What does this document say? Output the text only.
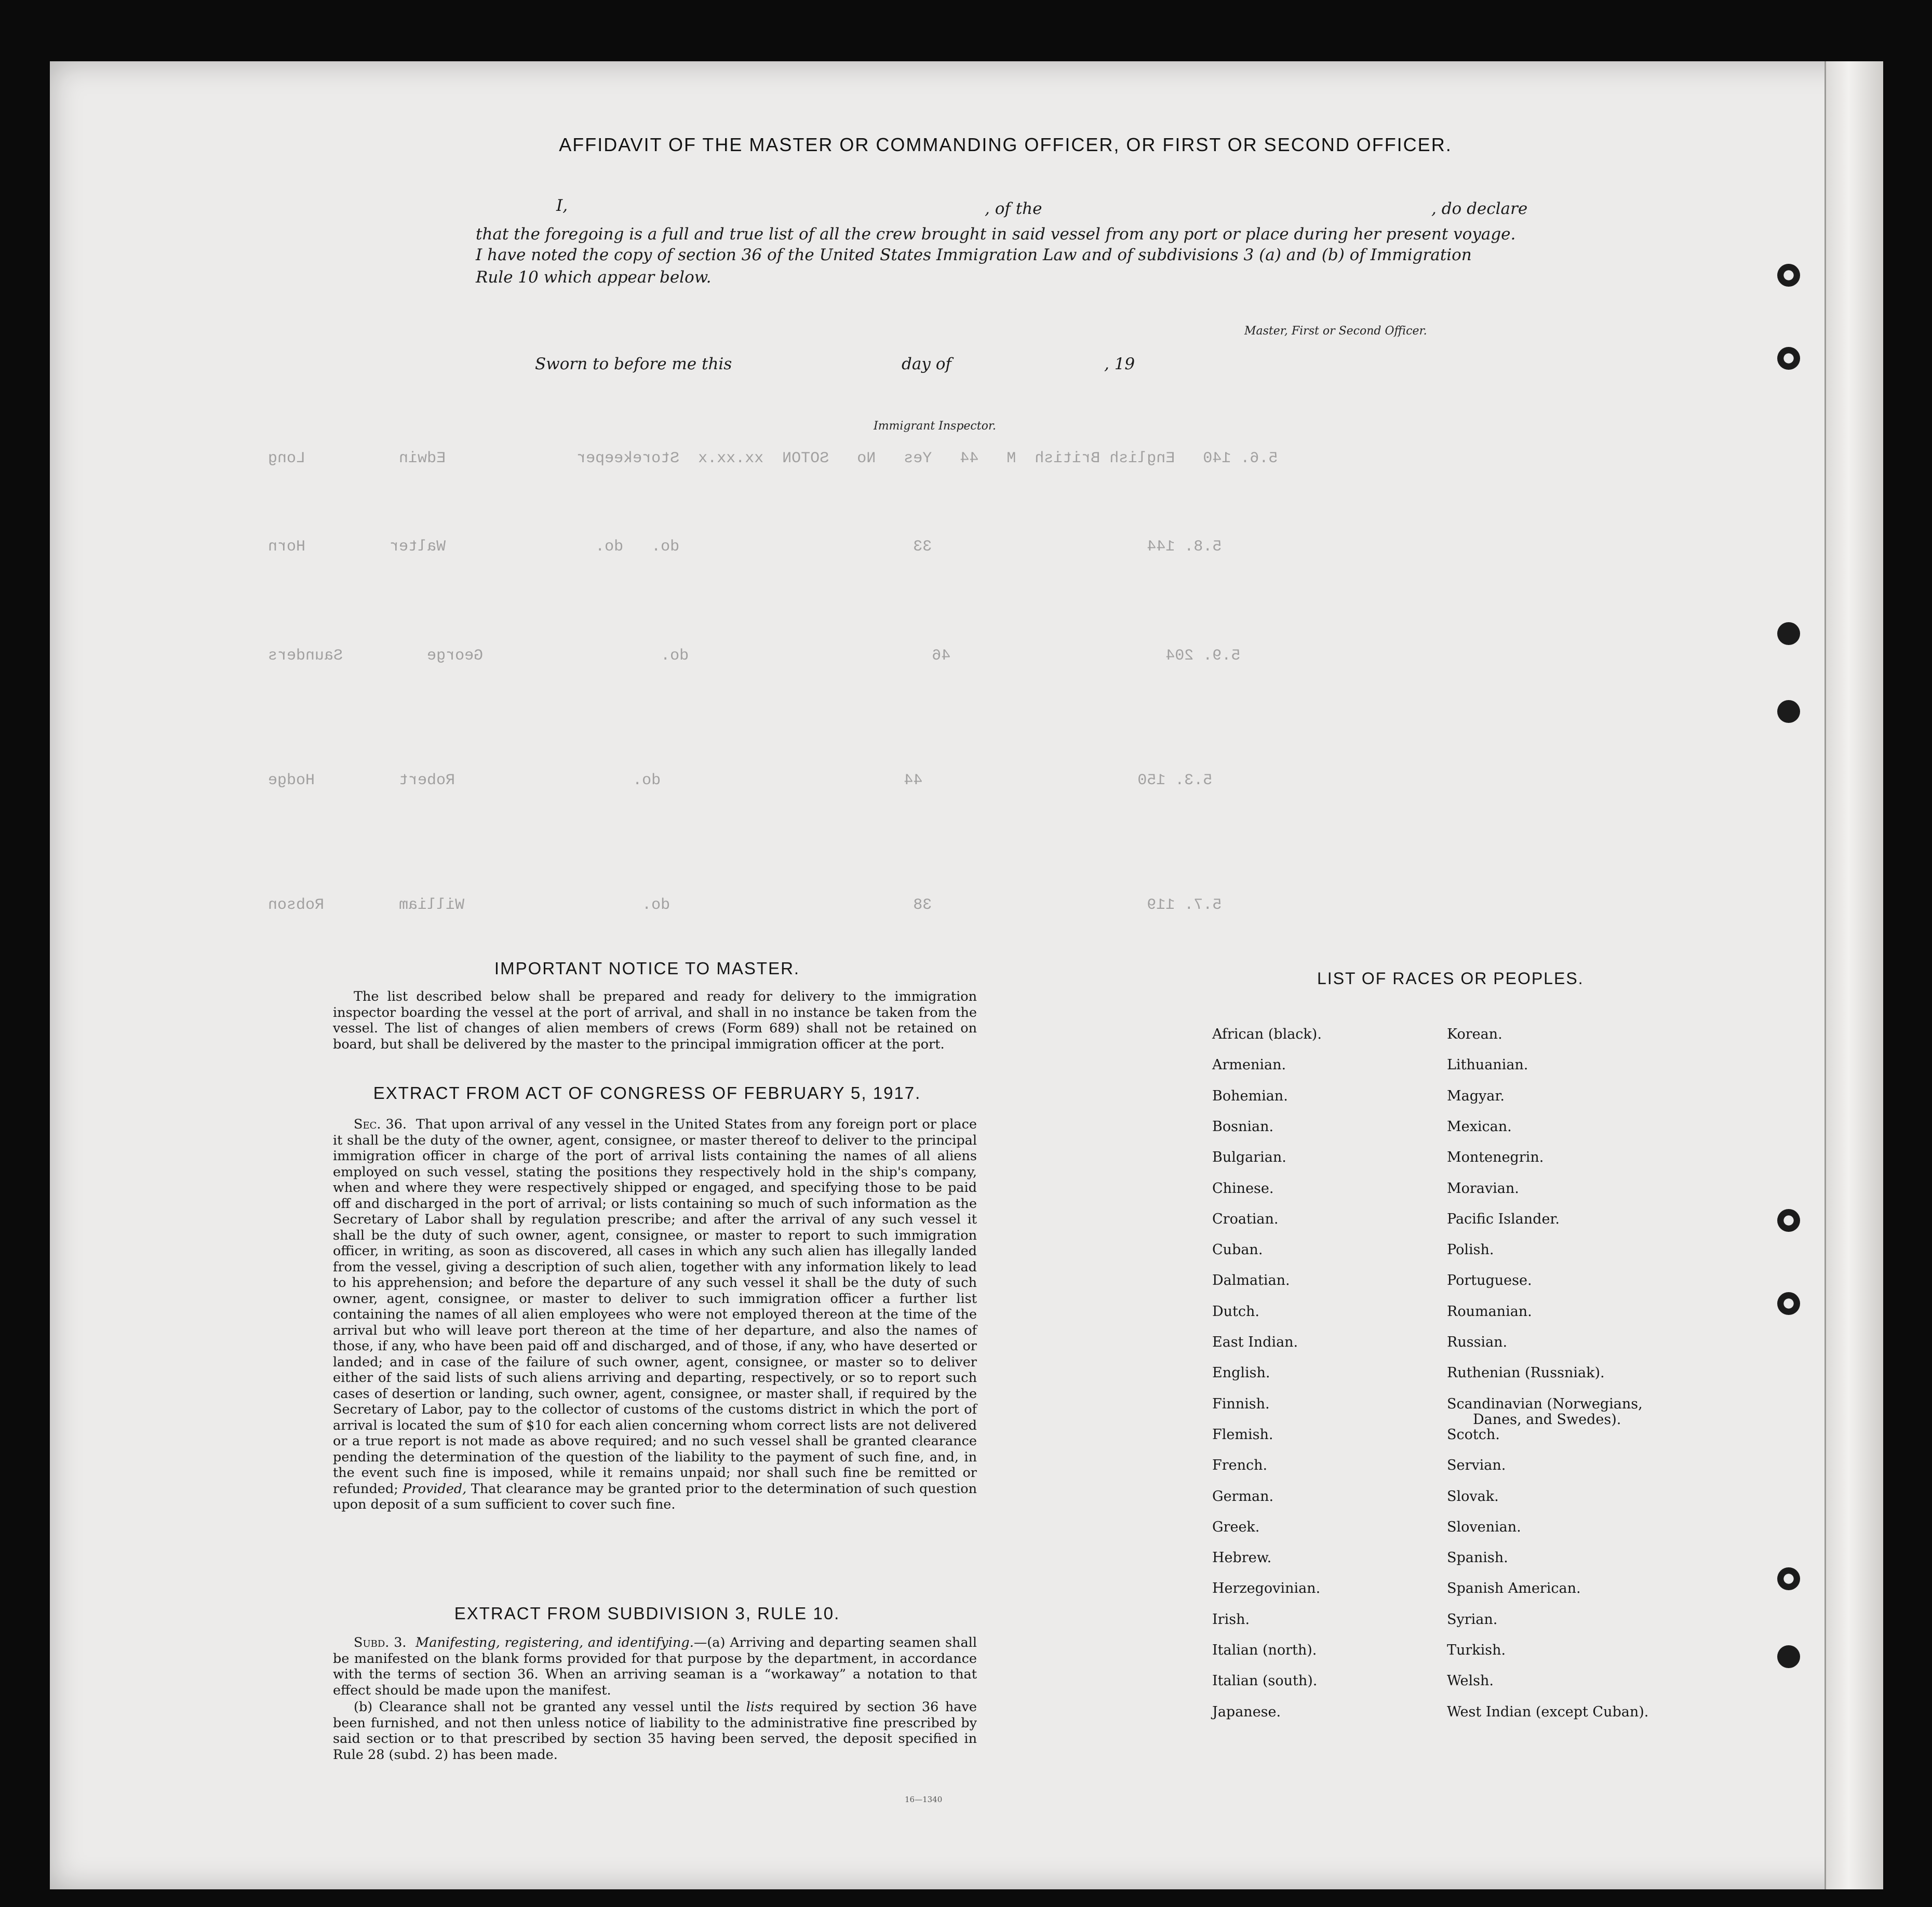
5.6. 140   English British  M   44   Yes   No   SOTON  xx.xx.x  Storekeeper              Edwin          Long
5.8. 144                       33                         do.   do.                Walter         Horn
5.9. 204                       46                          do.                   George         Saunders
5.3. 150                       44                          do.                   Robert         Hodge
5.7. 119                       38                          do.                   William        Robson
AFFIDAVIT OF THE MASTER OR COMMANDING OFFICER, OR FIRST OR SECOND OFFICER.
I,	, of the	, do declare
that the foregoing is a full and true list of all the crew brought in said vessel from any port or place during her present voyage.
I have noted the copy of section 36 of the United States Immigration Law and of subdivisions 3 (a) and (b) of Immigration
Rule 10 which appear below.
Master, First or Second Officer.
Sworn to before me this	day of	, 19
Immigrant Inspector.
IMPORTANT NOTICE TO MASTER.

The list described below shall be prepared and ready for delivery to the immigration inspector boarding the vessel at the port of arrival, and shall in no instance be taken from the vessel. The list of changes of alien members of crews (Form 689) shall not be retained on board, but shall be delivered by the master to the principal immigration officer at the port.

EXTRACT FROM ACT OF CONGRESS OF FEBRUARY 5, 1917.

Sec. 36. That upon arrival of any vessel in the United States from any foreign port or place it shall be the duty of the owner, agent, consignee, or master thereof to deliver to the principal immigration officer in charge of the port of arrival lists containing the names of all aliens employed on such vessel, stating the positions they respectively hold in the ship's company, when and where they were respectively shipped or engaged, and specifying those to be paid off and discharged in the port of arrival; or lists containing so much of such information as the Secretary of Labor shall by regulation prescribe; and after the arrival of any such vessel it shall be the duty of such owner, agent, consignee, or master to report to such immigration officer, in writing, as soon as discovered, all cases in which any such alien has illegally landed from the vessel, giving a description of such alien, together with any information likely to lead to his apprehension; and before the departure of any such vessel it shall be the duty of such owner, agent, consignee, or master to deliver to such immigration officer a further list containing the names of all alien employees who were not employed thereon at the time of the arrival but who will leave port thereon at the time of her departure, and also the names of those, if any, who have been paid off and discharged, and of those, if any, who have deserted or landed; and in case of the failure of such owner, agent, consignee, or master so to deliver either of the said lists of such aliens arriving and departing, respectively, or so to report such cases of desertion or landing, such owner, agent, consignee, or master shall, if required by the Secretary of Labor, pay to the collector of customs of the customs district in which the port of arrival is located the sum of $10 for each alien concerning whom correct lists are not delivered or a true report is not made as above required; and no such vessel shall be granted clearance pending the determination of the question of the liability to the payment of such fine, and, in the event such fine is imposed, while it remains unpaid; nor shall such fine be remitted or refunded; Provided, That clearance may be granted prior to the determination of such question upon deposit of a sum sufficient to cover such fine.

EXTRACT FROM SUBDIVISION 3, RULE 10.

Subd. 3. Manifesting, registering, and identifying.—(a) Arriving and departing seamen shall be manifested on the blank forms provided for that purpose by the department, in accordance with the terms of section 36. When an arriving seaman is a “workaway” a notation to that effect should be made upon the manifest.

(b) Clearance shall not be granted any vessel until the lists required by section 36 have been furnished, and not then unless notice of liability to the administrative fine prescribed by said section or to that prescribed by section 35 having been served, the deposit specified in Rule 28 (subd. 2) has been made.

LIST OF RACES OR PEOPLES.
16—1340
African (black).
Armenian.
Bohemian.
Bosnian.
Bulgarian.
Chinese.
Croatian.
Cuban.
Dalmatian.
Dutch.
East Indian.
English.
Finnish.
Flemish.
French.
German.
Greek.
Hebrew.
Herzegovinian.
Irish.
Italian (north).
Italian (south).
Japanese.
Korean.
Lithuanian.
Magyar.
Mexican.
Montenegrin.
Moravian.
Pacific Islander.
Polish.
Portuguese.
Roumanian.
Russian.
Ruthenian (Russniak).
Scandinavian (Norwegians,
Scotch.
Servian.
Slovak.
Slovenian.
Spanish.
Spanish American.
Syrian.
Turkish.
Welsh.
West Indian (except Cuban).
Danes, and Swedes).
